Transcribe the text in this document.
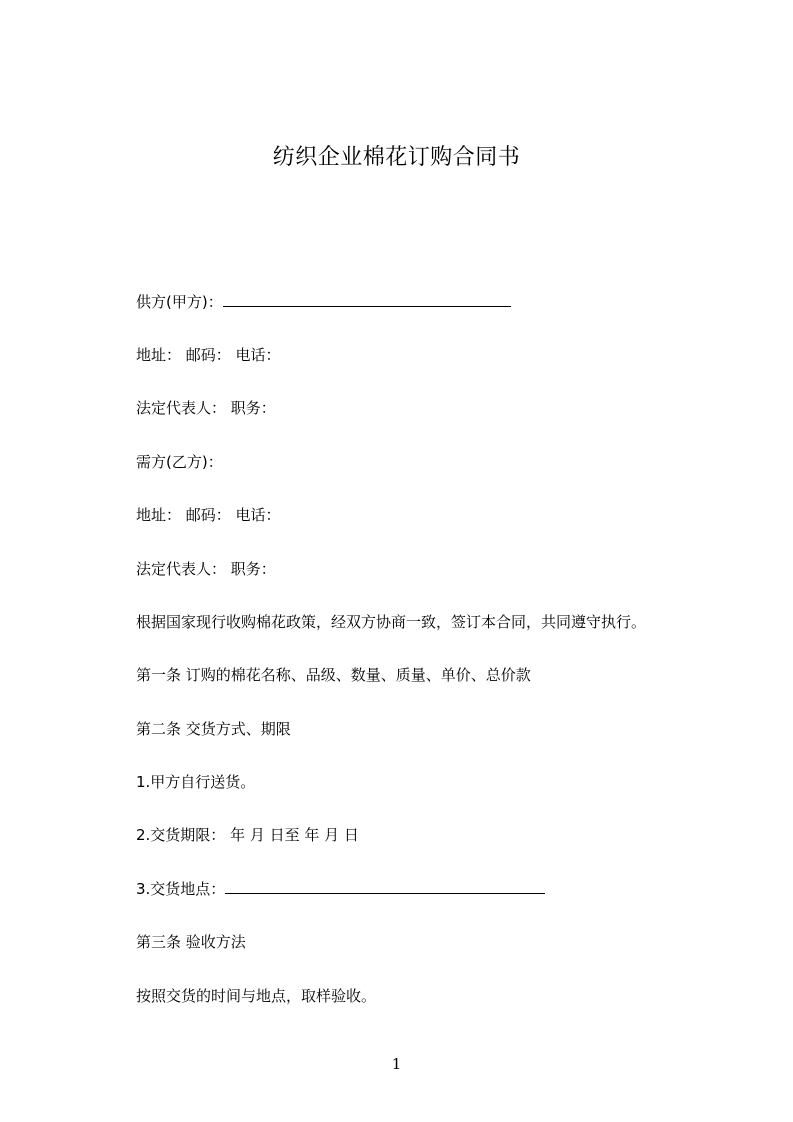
纺织企业棉花订购合同书
供方(甲方)：
地址： 邮码： 电话：
法定代表人： 职务：
需方(乙方)：
地址： 邮码： 电话：
法定代表人： 职务：
根据国家现行收购棉花政策，经双方协商一致，签订本合同，共同遵守执行。
第一条 订购的棉花名称、品级、数量、质量、单价、总价款
第二条 交货方式、期限
1.甲方自行送货。
2.交货期限： 年 月 日至 年 月 日
3.交货地点：
第三条 验收方法
按照交货的时间与地点，取样验收。
1
